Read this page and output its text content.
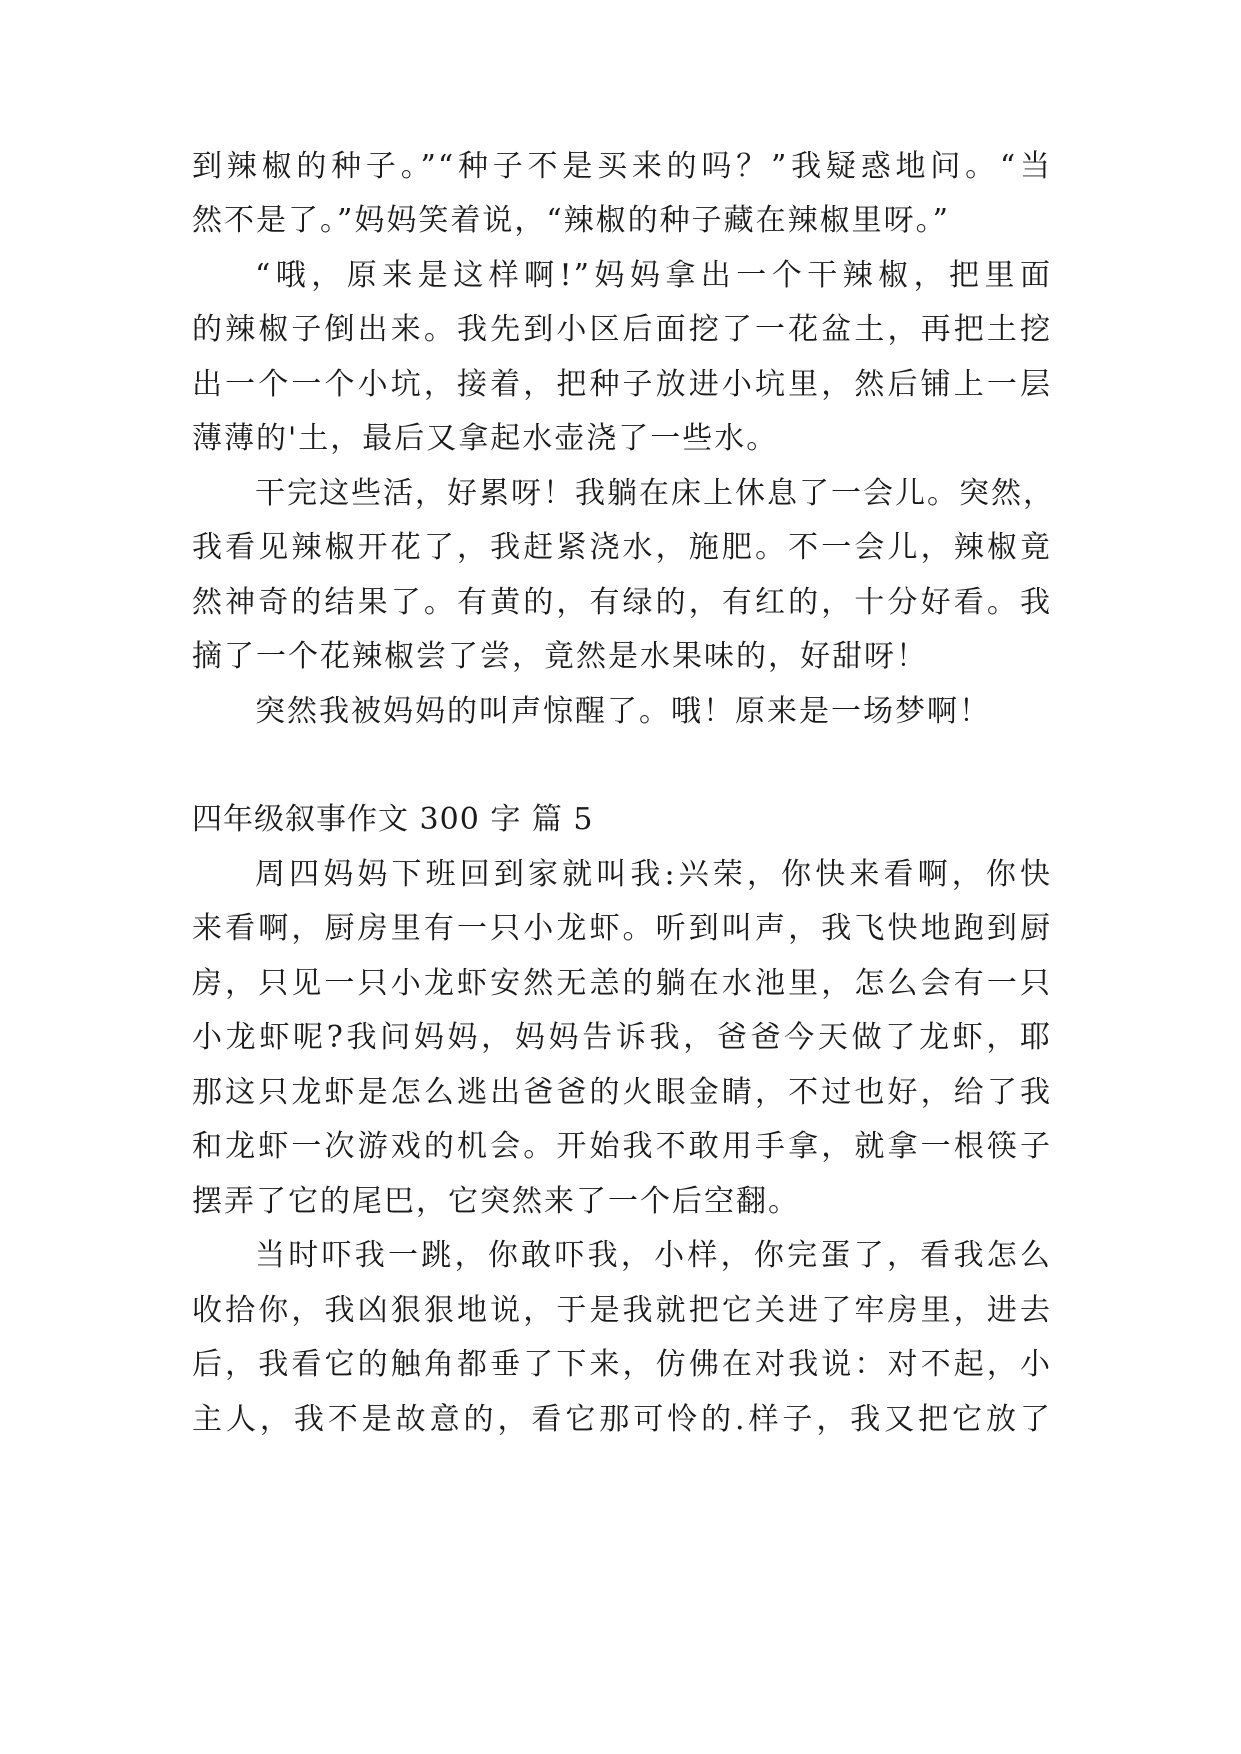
到辣椒的种子。”“种子不是买来的吗？”我疑惑地问。“当
然不是了。”妈妈笑着说，“辣椒的种子藏在辣椒里呀。”
“哦，原来是这样啊!”妈妈拿出一个干辣椒，把里面
的辣椒子倒出来。我先到小区后面挖了一花盆土，再把土挖
出一个一个小坑，接着，把种子放进小坑里，然后铺上一层
薄薄的'土，最后又拿起水壶浇了一些水。
干完这些活，好累呀！我躺在床上休息了一会儿。突然，
我看见辣椒开花了，我赶紧浇水，施肥。不一会儿，辣椒竟
然神奇的结果了。有黄的，有绿的，有红的，十分好看。我
摘了一个花辣椒尝了尝，竟然是水果味的，好甜呀！
突然我被妈妈的叫声惊醒了。哦！原来是一场梦啊！
四年级叙事作文 300 字 篇 5
周四妈妈下班回到家就叫我:兴荣，你快来看啊，你快
来看啊，厨房里有一只小龙虾。听到叫声，我飞快地跑到厨
房，只见一只小龙虾安然无恙的躺在水池里，怎么会有一只
小龙虾呢?我问妈妈，妈妈告诉我，爸爸今天做了龙虾，耶
那这只龙虾是怎么逃出爸爸的火眼金睛，不过也好，给了我
和龙虾一次游戏的机会。开始我不敢用手拿，就拿一根筷子
摆弄了它的尾巴，它突然来了一个后空翻。
当时吓我一跳，你敢吓我，小样，你完蛋了，看我怎么
收拾你，我凶狠狠地说，于是我就把它关进了牢房里，进去
后，我看它的触角都垂了下来，仿佛在对我说：对不起，小
主人，我不是故意的，看它那可怜的.样子，我又把它放了
